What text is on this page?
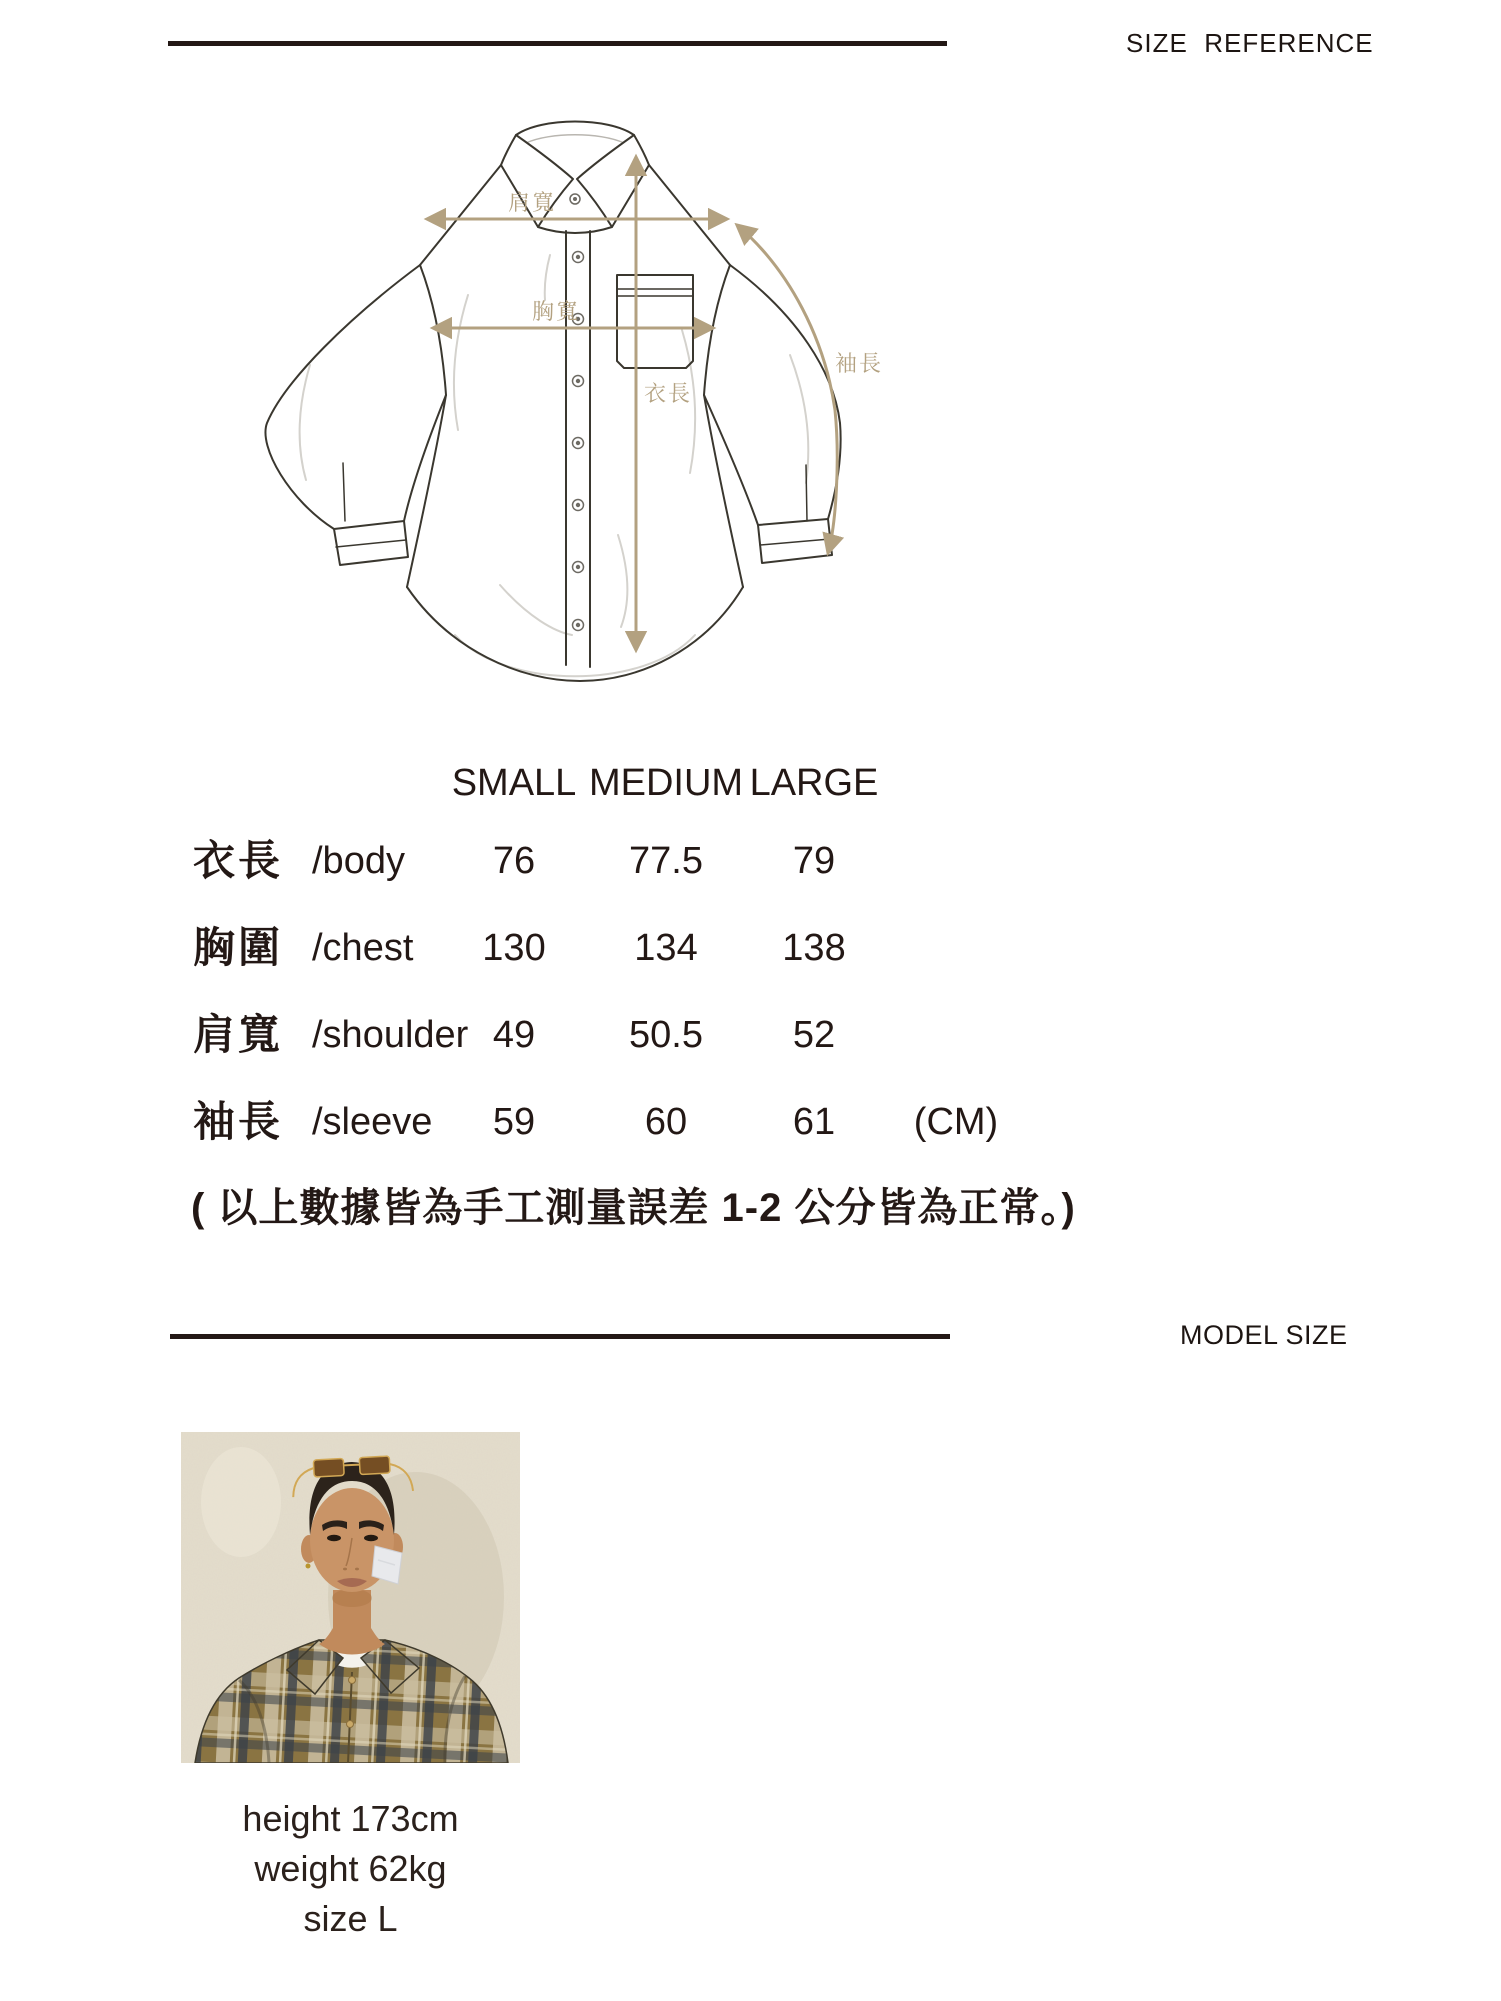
SIZE  REFERENCE
肩寬
胸寬
衣長
袖長
SMALL MEDIUM LARGE
衣長 /body	76	77.5	79
胸圍 /chest	130	134	138
肩寬 /shoulder 49	50.5	52
袖長 /sleeve	59	60	61	(CM)
( 以上數據皆為手工測量誤差 1-2 公分皆為正常。)
MODEL SIZE
height 173cm
weight 62kg
size L
